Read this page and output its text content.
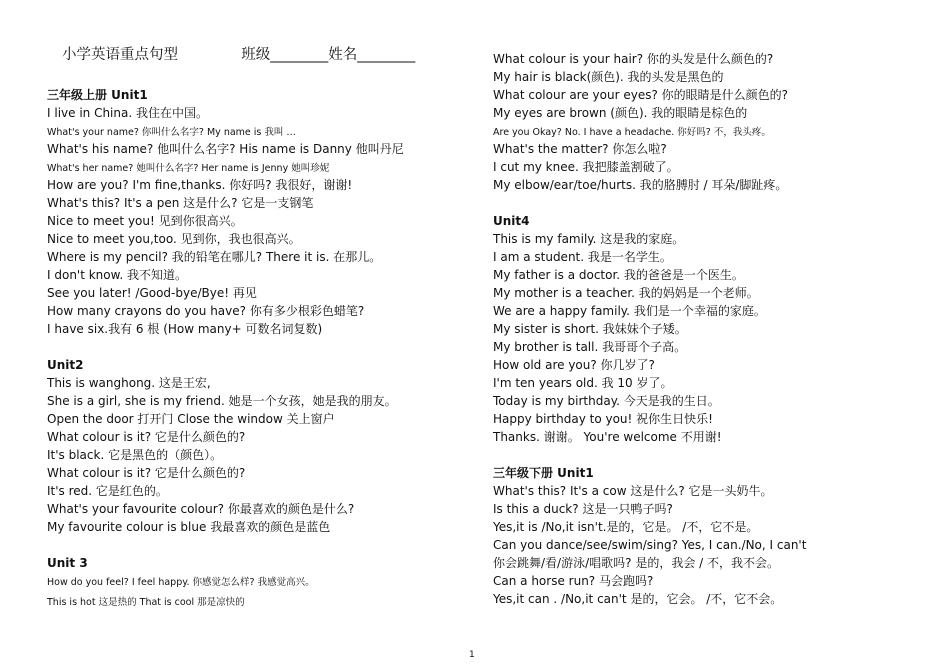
小学英语重点句型	班级________姓名________
三年级上册 Unit1
I live in China. 我住在中国。
What's your name? 你叫什么名字? My name is 我叫 …
What's his name? 他叫什么名字? His name is Danny 他叫丹尼
What's her name? 她叫什么名字? Her name is Jenny 她叫珍妮
How are you? I'm fine,thanks. 你好吗? 我很好，谢谢!
What's this? It's a pen 这是什么? 它是一支钢笔
Nice to meet you! 见到你很高兴。
Nice to meet you,too. 见到你，我也很高兴。
Where is my pencil? 我的铅笔在哪儿? There it is. 在那儿。
I don't know. 我不知道。
See you later! /Good-bye/Bye! 再见
How many crayons do you have? 你有多少根彩色蜡笔?
I have six.我有 6 根 (How many+ 可数名词复数)
Unit2
This is wanghong. 这是王宏,
She is a girl, she is my friend. 她是一个女孩，她是我的朋友。
Open the door 打开门 Close the window 关上窗户
What colour is it? 它是什么颜色的?
It's black. 它是黑色的（颜色）。
What colour is it? 它是什么颜色的?
It's red. 它是红色的。
What's your favourite colour? 你最喜欢的颜色是什么?
My favourite colour is blue 我最喜欢的颜色是蓝色
Unit 3
How do you feel? I feel happy. 你感觉怎么样? 我感觉高兴。
This is hot 这是热的 That is cool 那是凉快的
What colour is your hair? 你的头发是什么颜色的?
My hair is black(颜色). 我的头发是黑色的
What colour are your eyes? 你的眼睛是什么颜色的?
My eyes are brown (颜色). 我的眼睛是棕色的
Are you Okay? No. I have a headache. 你好吗? 不，我头疼。
What's the matter? 你怎么啦?
I cut my knee. 我把膝盖割破了。
My elbow/ear/toe/hurts. 我的胳膊肘 / 耳朵/脚趾疼。
Unit4
This is my family. 这是我的家庭。
I am a student. 我是一名学生。
My father is a doctor. 我的爸爸是一个医生。
My mother is a teacher. 我的妈妈是一个老师。
We are a happy family. 我们是一个幸福的家庭。
My sister is short. 我妹妹个子矮。
My brother is tall. 我哥哥个子高。
How old are you? 你几岁了?
I'm ten years old. 我 10 岁了。
Today is my birthday. 今天是我的生日。
Happy birthday to you! 祝你生日快乐!
Thanks. 谢谢。 You're welcome 不用谢!
三年级下册 Unit1
What's this? It's a cow 这是什么? 它是一头奶牛。
Is this a duck? 这是一只鸭子吗?
Yes,it is /No,it isn't.是的，它是。 /不，它不是。
Can you dance/see/swim/sing? Yes, I can./No, I can't
你会跳舞/看/游泳/唱歌吗? 是的，我会 / 不，我不会。
Can a horse run? 马会跑吗?
Yes,it can . /No,it can't 是的，它会。 /不，它不会。
1
